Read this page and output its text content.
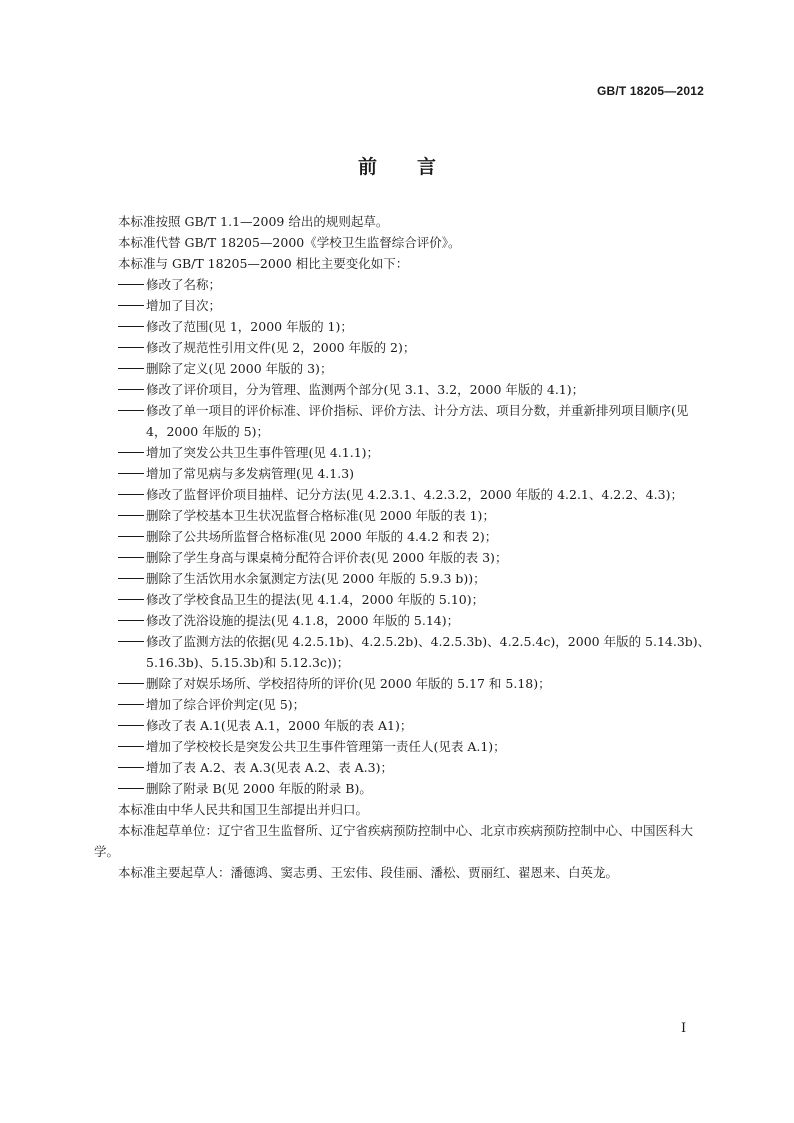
GB/T 18205—2012
前言

本标准按照 GB/T 1.1—2009 给出的规则起草。

本标准代替 GB/T 18205—2000《学校卫生监督综合评价》。

本标准与 GB/T 18205—2000 相比主要变化如下：

修改了名称；

增加了目次；

修改了范围(见 1，2000 年版的 1)；

修改了规范性引用文件(见 2，2000 年版的 2)；

删除了定义(见 2000 年版的 3)；

修改了评价项目，分为管理、监测两个部分(见 3.1、3.2，2000 年版的 4.1)；

修改了单一项目的评价标准、评价指标、评价方法、计分方法、项目分数，并重新排列项目顺序(见 4，2000 年版的 5)；

增加了突发公共卫生事件管理(见 4.1.1)；

增加了常见病与多发病管理(见 4.1.3)

修改了监督评价项目抽样、记分方法(见 4.2.3.1、4.2.3.2，2000 年版的 4.2.1、4.2.2、4.3)；

删除了学校基本卫生状况监督合格标准(见 2000 年版的表 1)；

删除了公共场所监督合格标准(见 2000 年版的 4.4.2 和表 2)；

删除了学生身高与课桌椅分配符合评价表(见 2000 年版的表 3)；

删除了生活饮用水余氯测定方法(见 2000 年版的 5.9.3 b))；

修改了学校食品卫生的提法(见 4.1.4，2000 年版的 5.10)；

修改了洗浴设施的提法(见 4.1.8，2000 年版的 5.14)；

修改了监测方法的依据(见 4.2.5.1b)、4.2.5.2b)、4.2.5.3b)、4.2.5.4c)，2000 年版的 5.14.3b)、5.16.3b)、5.15.3b)和 5.12.3c))；

删除了对娱乐场所、学校招待所的评价(见 2000 年版的 5.17 和 5.18)；

增加了综合评价判定(见 5)；

修改了表 A.1(见表 A.1，2000 年版的表 A1)；

增加了学校校长是突发公共卫生事件管理第一责任人(见表 A.1)；

增加了表 A.2、表 A.3(见表 A.2、表 A.3)；

删除了附录 B(见 2000 年版的附录 B)。

本标准由中华人民共和国卫生部提出并归口。

本标准起草单位：辽宁省卫生监督所、辽宁省疾病预防控制中心、北京市疾病预防控制中心、中国医科大学。

本标准主要起草人：潘德鸿、窦志勇、王宏伟、段佳丽、潘松、贾丽红、翟恩来、白英龙。

I
